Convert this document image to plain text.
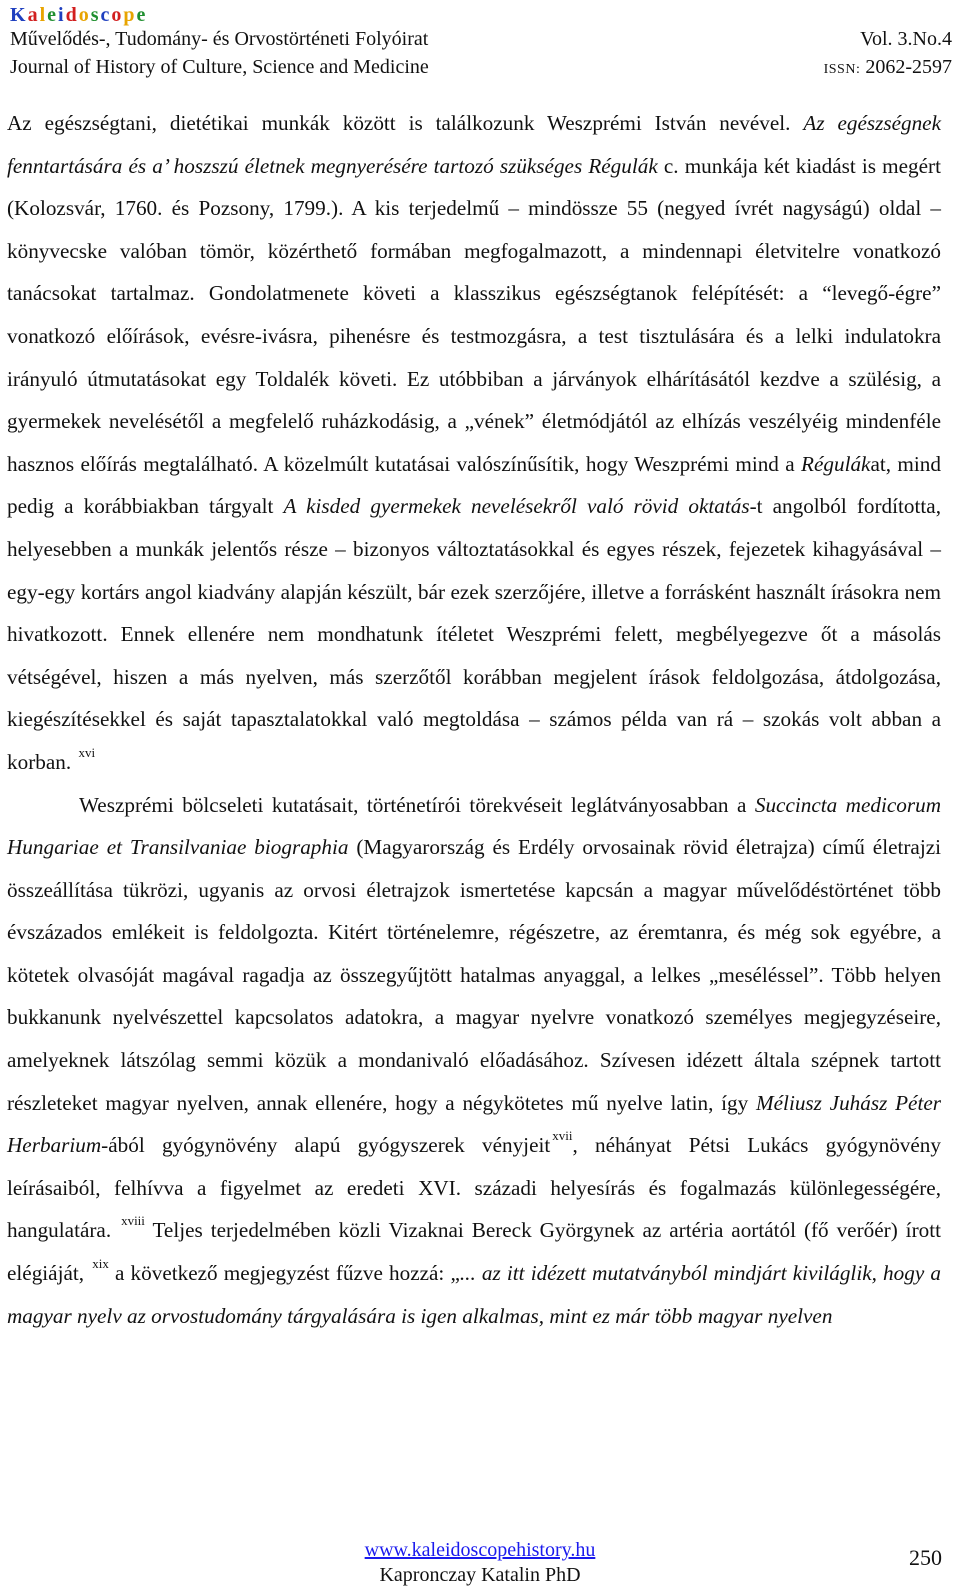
Kaleidoscope
Művelődés-, Tudomány- és Orvostörténeti Folyóirat	Vol. 3.No.4
Journal of History of Culture, Science and Medicine	ISSN: 2062-2597

Az egészségtani, dietétikai munkák között is találkozunk Weszprémi István nevével. Az egészségnek fenntartására és a’ hoszszú életnek megnyerésére tartozó szükséges Régulák c. munkája két kiadást is megért (Kolozsvár, 1760. és Pozsony, 1799.). A kis terjedelmű – mindössze 55 (negyed ívrét nagyságú) oldal – könyvecske valóban tömör, közérthető formában megfogalmazott, a mindennapi életvitelre vonatkozó tanácsokat tartalmaz. Gondolatmenete követi a klasszikus egészségtanok felépítését: a “levegő-égre” vonatkozó előírások, evésre-ivásra, pihenésre és testmozgásra, a test tisztulására és a lelki indulatokra irányuló útmutatásokat egy Toldalék követi. Ez utóbbiban a járványok elhárításától kezdve a szülésig, a gyermekek nevelésétől a megfelelő ruházkodásig, a „vének” életmódjától az elhízás veszélyéig mindenféle hasznos előírás megtalálható. A közelmúlt kutatásai valószínűsítik, hogy Weszprémi mind a Régulákat, mind pedig a korábbiakban tárgyalt A kisded gyermekek nevelésekről való rövid oktatás-t angolból fordította, helyesebben a munkák jelentős része – bizonyos változtatásokkal és egyes részek, fejezetek kihagyásával – egy-egy kortárs angol kiadvány alapján készült, bár ezek szerzőjére, illetve a forrásként használt írásokra nem hivatkozott. Ennek ellenére nem mondhatunk ítéletet Weszprémi felett, megbélyegezve őt a másolás vétségével, hiszen a más nyelven, más szerzőtől korábban megjelent írások feldolgozása, átdolgozása, kiegészítésekkel és saját tapasztalatokkal való megtoldása – számos példa van rá – szokás volt abban a korban. $^{xvi}$

Weszprémi bölcseleti kutatásait, történetírói törekvéseit leglátványosabban a Succincta medicorum Hungariae et Transilvaniae biographia (Magyarország és Erdély orvosainak rövid életrajza) című életrajzi összeállítása tükrözi, ugyanis az orvosi életrajzok ismertetése kapcsán a magyar művelődéstörténet több évszázados emlékeit is feldolgozta. Kitért történelemre, régészetre, az éremtanra, és még sok egyébre, a kötetek olvasóját magával ragadja az összegyűjtött hatalmas anyaggal, a lelkes „meséléssel”. Több helyen bukkanunk nyelvészettel kapcsolatos adatokra, a magyar nyelvre vonatkozó személyes megjegyzéseire, amelyeknek látszólag semmi közük a mondanivaló előadásához. Szívesen idézett általa szépnek tartott részleteket magyar nyelven, annak ellenére, hogy a négykötetes mű nyelve latin, így Méliusz Juhász Péter Herbarium-ából gyógynövény alapú gyógyszerek vényjeit $^{xvii}$, néhányat Pétsi Lukács gyógynövény leírásaiból, felhívva a figyelmet az eredeti XVI. századi helyesírás és fogalmazás különlegességére, hangulatára. $^{xviii}$ Teljes terjedelmében közli Vizaknai Bereck Györgynek az artéria aortától (fő verőér) írott elégiáját, $^{xix}$ a következő megjegyzést fűzve hozzá: „... az itt idézett mutatványból mindjárt kiviláglik, hogy a magyar nyelv az orvostudomány tárgyalására is igen alkalmas, mint ez már több magyar nyelven

www.kaleidoscopehistory.hu
Kapronczay Katalin PhD
250
